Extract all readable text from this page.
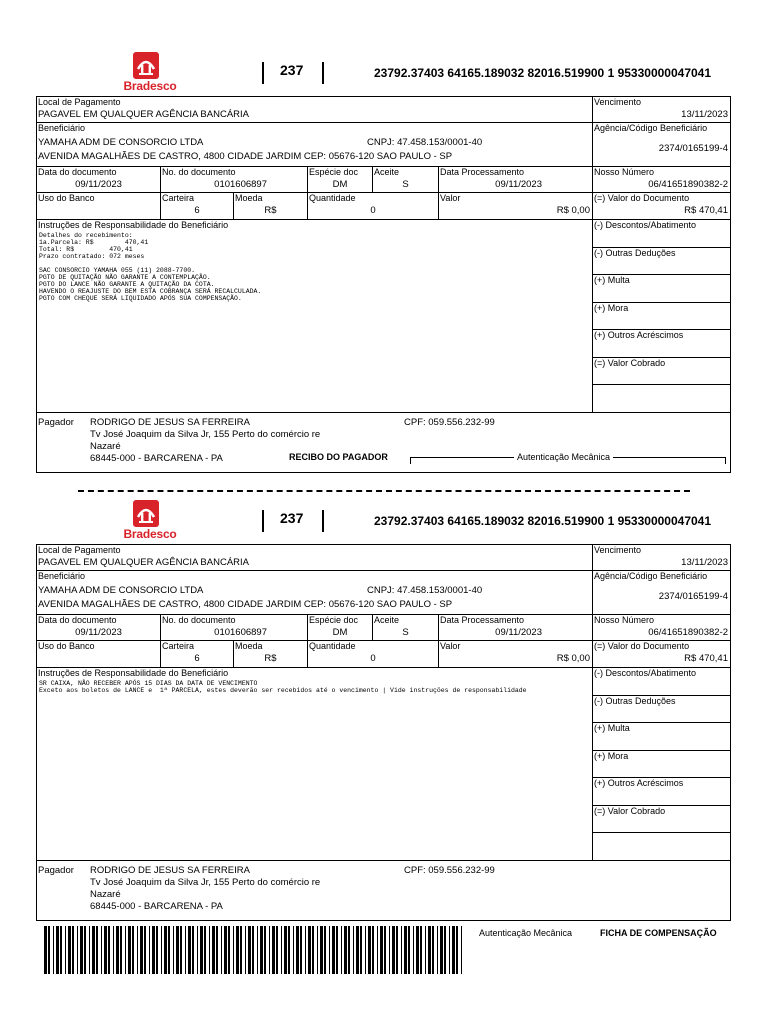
Bradesco
237	23792.37403 64165.189032 82016.519900 1 95330000047041
Local de Pagamento
PAGAVEL EM QUALQUER AGÊNCIA BANCÁRIA
Vencimento
13/11/2023
Beneficiário
YAMAHA ADM DE CONSORCIO LTDA	CNPJ: 47.458.153/0001-40
AVENIDA MAGALHÃES DE CASTRO, 4800 CIDADE JARDIM CEP: 05676-120 SAO PAULO - SP
Agência/Código Beneficiário
2374/0165199-4
Data do documento
09/11/2023
No. do documento
0101606897
Espécie doc
DM
Aceite
S
Data Processamento
09/11/2023
Nosso Número
06/41651890382-2
Uso do Banco	Carteira
6
Moeda
R$
Quantidade
0
Valor
R$ 0,00
(=) Valor do Documento
R$ 470,41
Instruções de Responsabilidade do Beneficiário
Detalhes do recebimento:
1a.Parcela: R$        470,41
Total: R$         470,41
Prazo contratado: 072 meses
SAC CONSORCIO YAMAHA 055 (11) 2088-7700.
PGTO DE QUITAÇÃO NÃO GARANTE A CONTEMPLAÇÃO.
PGTO DO LANCE NÃO GARANTE A QUITAÇÃO DA COTA.
HAVENDO O REAJUSTE DO BEM ESTA COBRANÇA SERÁ RECALCULADA.
PGTO COM CHEQUE SERÁ LIQUIDADO APÓS SUA COMPENSAÇÃO.
(-) Descontos/Abatimento
(-) Outras Deduções
(+) Multa
(+) Mora
(+) Outros Acréscimos
(=) Valor Cobrado
Pagador RODRIGO DE JESUS SA FERREIRA	CPF: 059.556.232-99
Tv José Joaquim da Silva Jr, 155 Perto do comércio re
Nazaré
68445-000 - BARCARENA - PA
Bradesco
237	23792.37403 64165.189032 82016.519900 1 95330000047041
Local de Pagamento
PAGAVEL EM QUALQUER AGÊNCIA BANCÁRIA
Vencimento
13/11/2023
Beneficiário
YAMAHA ADM DE CONSORCIO LTDA	CNPJ: 47.458.153/0001-40
AVENIDA MAGALHÃES DE CASTRO, 4800 CIDADE JARDIM CEP: 05676-120 SAO PAULO - SP
Agência/Código Beneficiário
2374/0165199-4
Data do documento
09/11/2023
No. do documento
0101606897
Espécie doc
DM
Aceite
S
Data Processamento
09/11/2023
Nosso Número
06/41651890382-2
Uso do Banco	Carteira
6
Moeda
R$
Quantidade
0
Valor
R$ 0,00
(=) Valor do Documento
R$ 470,41
Instruções de Responsabilidade do Beneficiário
SR CAIXA, NÃO RECEBER APÓS 15 DIAS DA DATA DE VENCIMENTO
Exceto aos boletos de LANCE e  1ª PARCELA, estes deverão ser recebidos até o vencimento | Vide instruções de responsabilidade
(-) Descontos/Abatimento
(-) Outras Deduções
(+) Multa
(+) Mora
(+) Outros Acréscimos
(=) Valor Cobrado
Pagador RODRIGO DE JESUS SA FERREIRA	CPF: 059.556.232-99
Tv José Joaquim da Silva Jr, 155 Perto do comércio re
Nazaré
68445-000 - BARCARENA - PA
RECIBO DO PAGADOR	Autenticação Mecânica
Autenticação Mecânica	FICHA DE COMPENSAÇÃO
